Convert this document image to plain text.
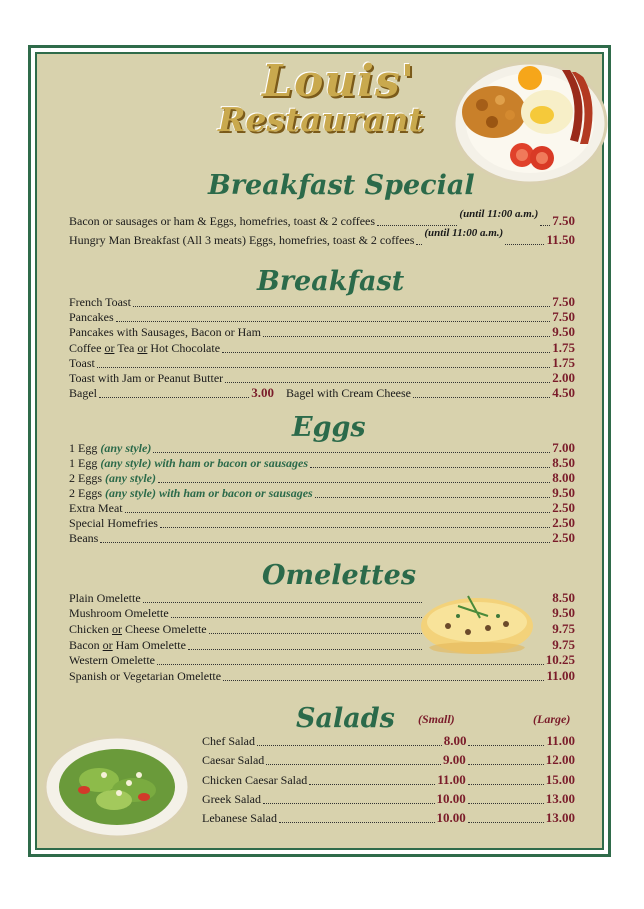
Louis'
Restaurant
Breakfast Special
Bacon or sausages or ham & Eggs, homefries, toast & 2 coffees	(until 11:00 a.m.) 7.50
Hungry Man Breakfast (All 3 meats) Eggs, homefries, toast & 2 coffees (until 11:00 a.m.)	11.50
Breakfast
French Toast	7.50
Pancakes	7.50
Pancakes with Sausages, Bacon or Ham	9.50
Coffee or Tea or Hot Chocolate	1.75
Toast	1.75
Toast with Jam or Peanut Butter	2.00
Bagel	3.00 Bagel with Cream Cheese	4.50
Eggs
1 Egg (any style)	7.00
1 Egg (any style) with ham or bacon or sausages	8.50
2 Eggs (any style)	8.00
2 Eggs (any style) with ham or bacon or sausages	9.50
Extra Meat	2.50
Special Homefries	2.50
Beans	2.50
Omelettes
Plain Omelette	8.50
Mushroom Omelette	9.50
Chicken or Cheese Omelette	9.75
Bacon or Ham Omelette	9.75
Western Omelette	10.25
Spanish or Vegetarian Omelette	11.00
Salads (Small)	(Large)
Chef Salad	8.00	11.00
Caesar Salad	9.00	12.00
Chicken Caesar Salad	11.00	15.00
Greek Salad	10.00	13.00
Lebanese Salad	10.00	13.00
